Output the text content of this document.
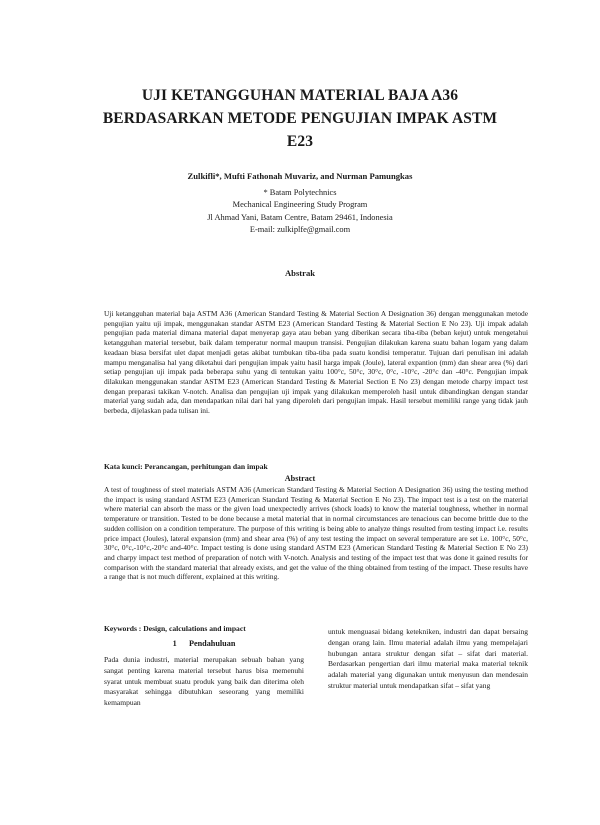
UJI KETANGGUHAN MATERIAL BAJA A36
BERDASARKAN METODE PENGUJIAN IMPAK ASTM
E23
Zulkifli*, Mufti Fathonah Muvariz, and Nurman Pamungkas
* Batam Polytechnics
Mechanical Engineering Study Program
Jl Ahmad Yani, Batam Centre, Batam 29461, Indonesia
E-mail: zulkiplfe@gmail.com
Abstrak

Uji ketangguhan material baja ASTM A36 (American Standard Testing & Material Section A Designation 36) dengan menggunakan metode pengujian yaitu uji impak, menggunakan standar ASTM E23 (American Standard Testing & Material Section E No 23). Uji impak adalah pengujian pada material dimana material dapat menyerap gaya atau beban yang diberikan secara tiba-tiba (beban kejut) untuk mengetahui ketangguhan material tersebut, baik dalam temperatur normal maupun transisi. Pengujian dilakukan karena suatu bahan logam yang dalam keadaan biasa bersifat ulet dapat menjadi getas akibat tumbukan tiba-tiba pada suatu kondisi temperatur. Tujuan dari penulisan ini adalah mampu menganalisa hal yang diketahui dari pengujian impak yaitu hasil harga impak (Joule), lateral expantion (mm) dan shear area (%) dari setiap pengujian uji impak pada beberapa suhu yang di tentukan yaitu 100°c, 50°c, 30°c, 0°c, -10°c, -20°c dan -40°c. Pengujian impak dilakukan menggunakan standar ASTM E23 (American Standard Testing & Material Section E No 23) dengan metode charpy impact test dengan preparasi takikan V-notch. Analisa dan pengujian uji impak yang dilakukan memperoleh hasil untuk dibandingkan dengan standar material yang sudah ada, dan mendapatkan nilai dari hal yang diperoleh dari pengujian impak. Hasil tersebut memiliki range yang tidak jauh berbeda, dijelaskan pada tulisan ini.

Kata kunci: Perancangan, perhitungan dan impak
Abstract

A test of toughness of steel materials ASTM A36 (American Standard Testing & Material Section A Designation 36) using the testing method the impact is using standard ASTM E23 (American Standard Testing & Material Section E No 23). The impact test is a test on the material where material can absorb the mass or the given load unexpectedly arrives (shock loads) to know the material toughness, whether in normal temperature or transition. Tested to be done because a metal material that in normal circumstances are tenacious can become brittle due to the sudden collision on a condition temperature. The purpose of this writing is being able to analyze things resulted from testing impact i.e. results price impact (Joules), lateral expansion (mm) and shear area (%) of any test testing the impact on several temperature are set i.e. 100°c, 50°c, 30°c, 0°c,-10°c,-20°c and-40°c. Impact testing is done using standard ASTM E23 (American Standard Testing & Material Section E No 23) and charpy impact test method of preparation of notch with V-notch. Analysis and testing of the impact test that was done it gained results for comparison with the standard material that already exists, and get the value of the thing obtained from testing of the impact. These results have a range that is not much different, explained at this writing.

Keywords : Design, calculations and impact
1      Pendahuluan

Pada dunia industri, material merupakan sebuah bahan yang sangat penting karena material tersebut harus bisa memenuhi syarat untuk membuat suatu produk yang baik dan diterima oleh masyarakat sehingga dibutuhkan seseorang yang memiliki kemampuan

untuk menguasai bidang ketekniken, industri dan dapat bersaing dengan orang lain. Ilmu material adalah ilmu yang mempelajari hubungan antara struktur dengan sifat – sifat dari material. Berdasarkan pengertian dari ilmu material maka material teknik adalah material yang digunakan untuk menyusun dan mendesain struktur material untuk mendapatkan sifat – sifat yang
